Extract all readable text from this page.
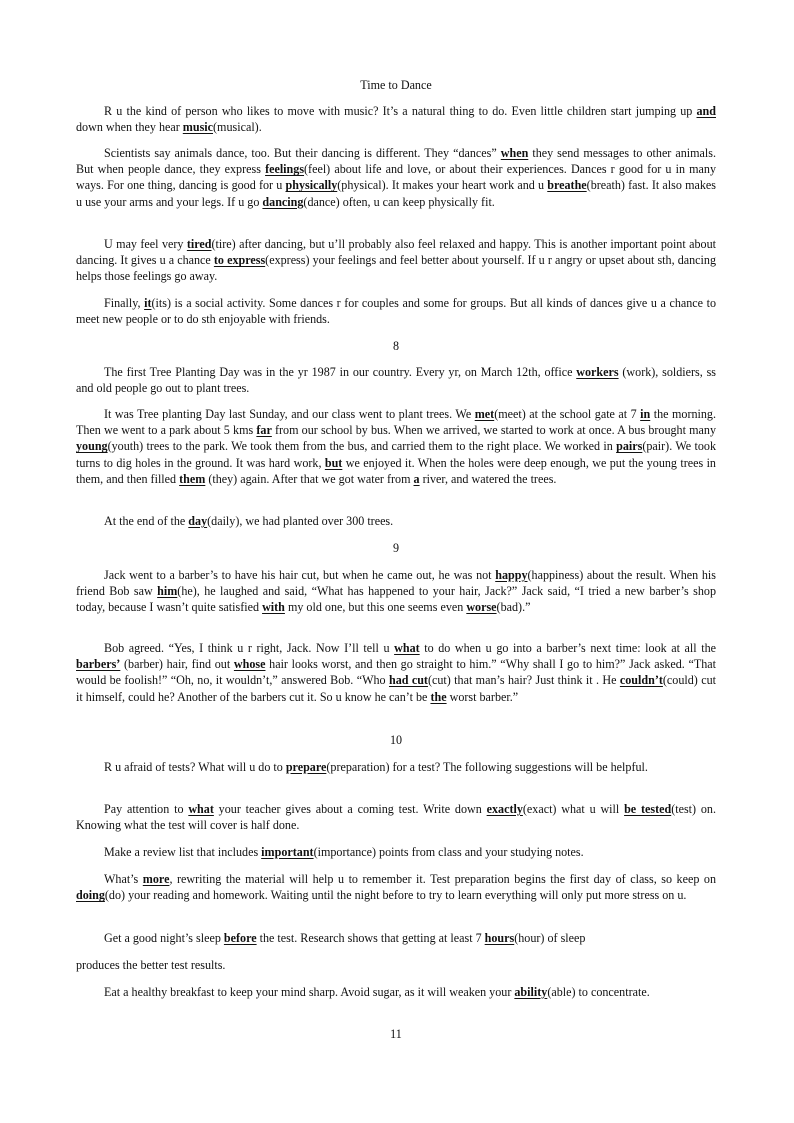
Time to Dance

R u the kind of person who likes to move with music? It’s a natural thing to do. Even little children start jumping up and down when they hear music(musical).

Scientists say animals dance, too. But their dancing is different. They “dances” when they send messages to other animals. But when people dance, they express feelings(feel) about life and love, or about their experiences. Dances r good for u in many ways. For one thing, dancing is good for u physically(physical). It makes your heart work and u breathe(breath) fast. It also makes u use your arms and your legs. If u go dancing(dance) often, u can keep physically fit.

U may feel very tired(tire) after dancing, but u’ll probably also feel relaxed and happy. This is another important point about dancing. It gives u a chance to express(express) your feelings and feel better about yourself. If u r angry or upset about sth, dancing helps those feelings go away.

Finally, it(its) is a social activity. Some dances r for couples and some for groups. But all kinds of dances give u a chance to meet new people or to do sth enjoyable with friends.

8

The first Tree Planting Day was in the yr 1987 in our country. Every yr, on March 12th, office workers (work), soldiers, ss and old people go out to plant trees.

It was Tree planting Day last Sunday, and our class went to plant trees. We met(meet) at the school gate at 7 in the morning. Then we went to a park about 5 kms far from our school by bus. When we arrived, we started to work at once. A bus brought many young(youth) trees to the park. We took them from the bus, and carried them to the right place. We worked in pairs(pair). We took turns to dig holes in the ground. It was hard work, but we enjoyed it. When the holes were deep enough, we put the young trees in them, and then filled them (they) again. After that we got water from a river, and watered the trees.

At the end of the day(daily), we had planted over 300 trees.

9

Jack went to a barber’s to have his hair cut, but when he came out, he was not happy(happiness) about the result. When his friend Bob saw him(he), he laughed and said, “What has happened to your hair, Jack?” Jack said, “I tried a new barber’s shop today, because I wasn’t quite satisfied with my old one, but this one seems even worse(bad).”

Bob agreed. “Yes, I think u r right, Jack. Now I’ll tell u what to do when u go into a barber’s next time: look at all the barbers’ (barber) hair, find out whose hair looks worst, and then go straight to him.” “Why shall I go to him?” Jack asked. “That would be foolish!” “Oh, no, it wouldn’t,” answered Bob. “Who had cut(cut) that man’s hair? Just think it . He couldn’t(could) cut it himself, could he? Another of the barbers cut it. So u know he can’t be the worst barber.”

10

R u afraid of tests? What will u do to prepare(preparation) for a test? The following suggestions will be helpful.

Pay attention to what your teacher gives about a coming test. Write down exactly(exact) what u will be tested(test) on. Knowing what the test will cover is half done.

Make a review list that includes important(importance) points from class and your studying notes.

What’s more, rewriting the material will help u to remember it. Test preparation begins the first day of class, so keep on doing(do) your reading and homework. Waiting until the night before to try to learn everything will only put more stress on u.

Get a good night’s sleep before the test. Research shows that getting at least 7 hours(hour) of sleep

produces the better test results.

Eat a healthy breakfast to keep your mind sharp. Avoid sugar, as it will weaken your ability(able) to concentrate.

11
